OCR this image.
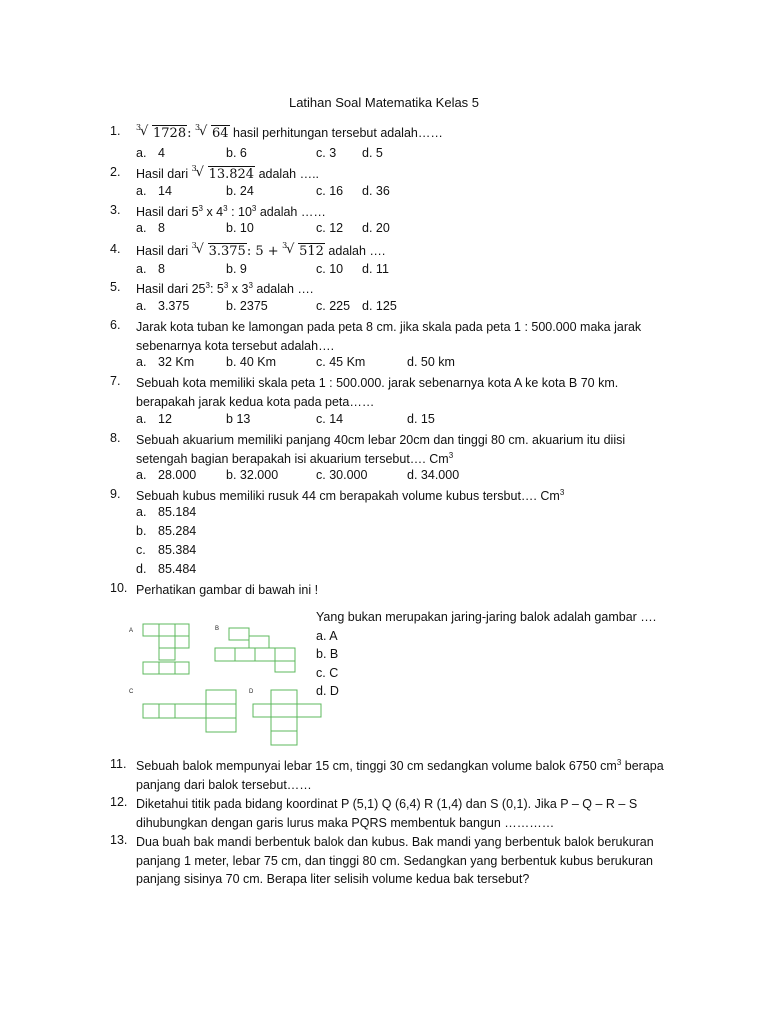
Latihan Soal Matematika Kelas 5
1.	3
√ 1728: 3
√ 64 hasil perhitungan tersebut adalah……
a. 4	b. 6	c. 3 d. 5
2.	Hasil dari 3
√ 13.824 adalah …..
a. 14	b. 24	c. 16 d. 36
3.	Hasil dari $5^3$ x $4^3$ : $10^3$ adalah ……
a. 8	b. 10	c. 12 d. 20
4.	Hasil dari 3
√ 3.375: 5 + 3
√ 512 adalah ….
a. 8	b. 9	c. 10 d. 11
5.	Hasil dari $25^3$: $5^3$ x $3^3$ adalah ….
a. 3.375	b. 2375	c. 225 d. 125
6.	Jarak kota tuban ke lamongan pada peta 8 cm. jika skala pada peta 1 : 500.000 maka jarak
sebenarnya kota tersebut adalah….
a. 32 Km	b. 40 Km	c. 45 Km	d. 50 km
7.	Sebuah kota memiliki skala peta 1 : 500.000. jarak sebenarnya kota A ke kota B 70 km.
berapakah jarak kedua kota pada peta……
a. 12	b 13	c. 14	d. 15
8.	Sebuah akuarium memiliki panjang 40cm lebar 20cm dan tinggi 80 cm. akuarium itu diisi
setengah bagian berapakah isi akuarium tersebut…. Cm$^3$
a. 28.000 b. 32.000	c. 30.000	d. 34.000
9.	Sebuah kubus memiliki rusuk 44 cm berapakah volume kubus tersbut…. Cm$^3$
a. 85.184
b. 85.284
c. 85.384
d. 85.484
10. Perhatikan gambar di bawah ini !
A	B
C	D
Yang bukan merupakan jaring-jaring balok adalah gambar ….
a. A
b. B
c. C
d. D
11. Sebuah balok mempunyai lebar 15 cm, tinggi 30 cm sedangkan volume balok 6750 $cm^3$ berapa
panjang dari balok tersebut……
12. Diketahui titik pada bidang koordinat P (5,1) Q (6,4) R (1,4) dan S (0,1). Jika P – Q – R – S
dihubungkan dengan garis lurus maka PQRS membentuk bangun …………
13. Dua buah bak mandi berbentuk balok dan kubus. Bak mandi yang berbentuk balok berukuran
panjang 1 meter, lebar 75 cm, dan tinggi 80 cm. Sedangkan yang berbentuk kubus berukuran
panjang sisinya 70 cm. Berapa liter selisih volume kedua bak tersebut?
